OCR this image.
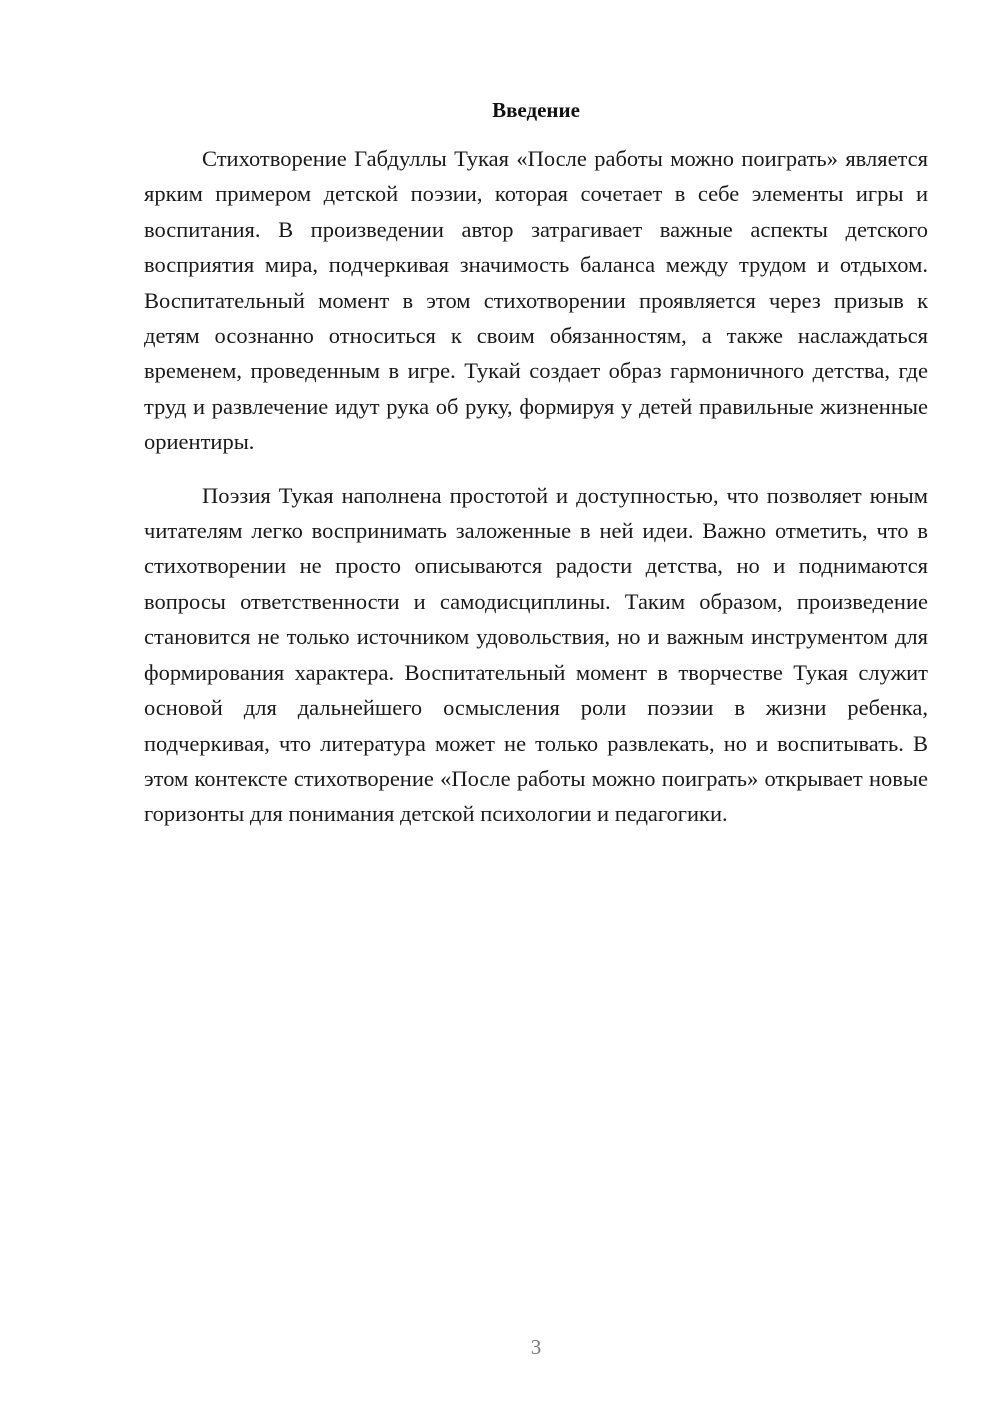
Введение

Стихотворение Габдуллы Тукая «После работы можно поиграть» является ярким примером детской поэзии, которая сочетает в себе элементы игры и воспитания. В произведении автор затрагивает важные аспекты детского восприятия мира, подчеркивая значимость баланса между трудом и отдыхом. Воспитательный момент в этом стихотворении проявляется через призыв к детям осознанно относиться к своим обязанностям, а также наслаждаться временем, проведенным в игре. Тукай создает образ гармоничного детства, где труд и развлечение идут рука об руку, формируя у детей правильные жизненные ориентиры.

Поэзия Тукая наполнена простотой и доступностью, что позволяет юным читателям легко воспринимать заложенные в ней идеи. Важно отметить, что в стихотворении не просто описываются радости детства, но и поднимаются вопросы ответственности и самодисциплины. Таким образом, произведение становится не только источником удовольствия, но и важным инструментом для формирования характера. Воспитательный момент в творчестве Тукая служит основой для дальнейшего осмысления роли поэзии в жизни ребенка, подчеркивая, что литература может не только развлекать, но и воспитывать. В этом контексте стихотворение «После работы можно поиграть» открывает новые горизонты для понимания детской психологии и педагогики.

3
